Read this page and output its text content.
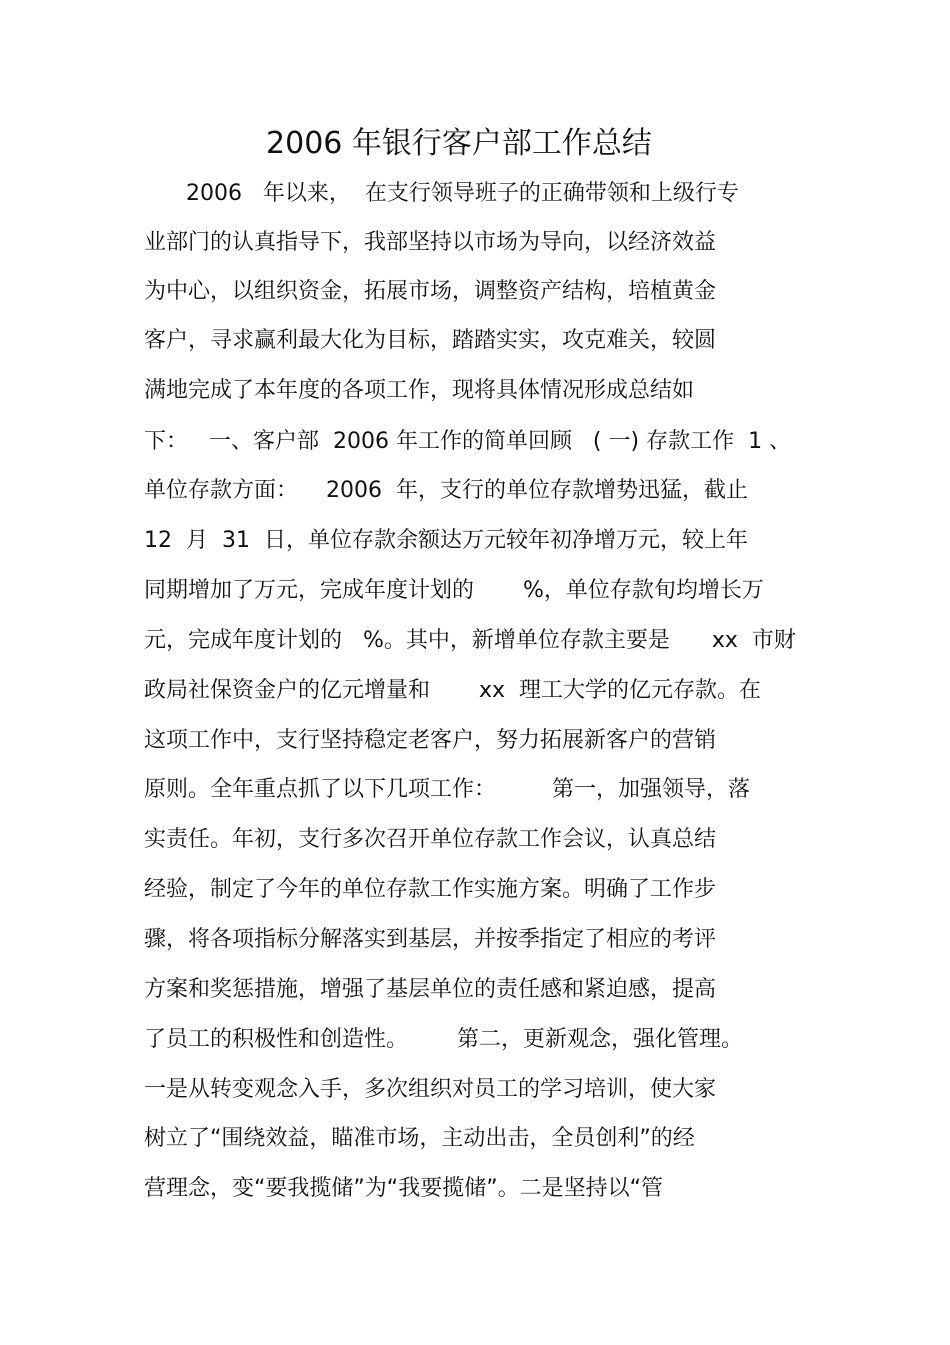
2006 年银行客户部工作总结
2006   年以来，  在支行领导班子的正确带领和上级行专
业部门的认真指导下，我部坚持以市场为导向，以经济效益
为中心，以组织资金，拓展市场，调整资产结构，培植黄金
客户，寻求赢利最大化为目标，踏踏实实，攻克难关，较圆
满地完成了本年度的各项工作，现将具体情况形成总结如
下：   一、客户部  2006 年工作的简单回顾   ( 一) 存款工作  1 、
单位存款方面：    2006  年，支行的单位存款增势迅猛，截止
12  月  31  日，单位存款余额达万元较年初净增万元，较上年
同期增加了万元，完成年度计划的       %，单位存款旬均增长万
元，完成年度计划的   %。其中，新增单位存款主要是      xx  市财
政局社保资金户的亿元增量和       xx  理工大学的亿元存款。在
这项工作中，支行坚持稳定老客户，努力拓展新客户的营销
原则。全年重点抓了以下几项工作：        第一，加强领导，落
实责任。年初，支行多次召开单位存款工作会议，认真总结
经验，制定了今年的单位存款工作实施方案。明确了工作步
骤，将各项指标分解落实到基层，并按季指定了相应的考评
方案和奖惩措施，增强了基层单位的责任感和紧迫感，提高
了员工的积极性和创造性。       第二，更新观念，强化管理。
一是从转变观念入手，多次组织对员工的学习培训，使大家
树立了“围绕效益，瞄准市场，主动出击，全员创利”的经
营理念，变“要我揽储”为“我要揽储”。二是坚持以“管
